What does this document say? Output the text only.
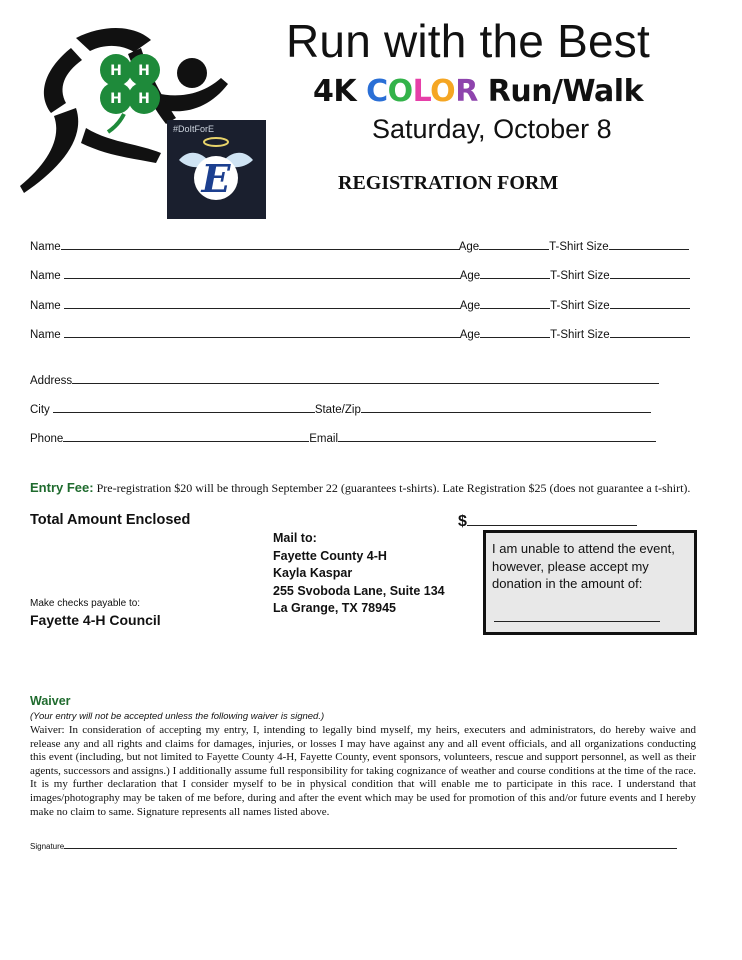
H H
H H
#DoItForE
E
Run with the Best
4K COLOR Run/Walk
Saturday, October 8
REGISTRATION FORM
Name	Age	T-Shirt Size
Name	Age	T-Shirt Size
Name	Age	T-Shirt Size
Name	Age	T-Shirt Size
Address
City	State/Zip
Phone	Email
Entry Fee: Pre-registration $20 will be through September 22 (guarantees t-shirts). Late Registration $25 (does not guarantee a t-shirt).
Total Amount Enclosed	$
Mail to:
Fayette County 4-H
Kayla Kaspar
255 Svoboda Lane, Suite 134
La Grange, TX 78945
I am unable to attend the event, however, please accept my donation in the amount of:
Make checks payable to:
Fayette 4-H Council
Waiver
(Your entry will not be accepted unless the following waiver is signed.)
Waiver: In consideration of accepting my entry, I, intending to legally bind myself, my heirs, executers and administrators, do hereby waive and release any and all rights and claims for damages, injuries, or losses I may have against any and all event officials, and all organizations conducting this event (including, but not limited to Fayette County 4-H, Fayette County, event sponsors, volunteers, rescue and support personnel, as well as their agents, successors and assigns.) I additionally assume full responsibility for taking cognizance of weather and course conditions at the time of the race. It is my further declaration that I consider myself to be in physical condition that will enable me to participate in this race. I understand that images/photography may be taken of me before, during and after the event which may be used for promotion of this and/or future events and I hereby make no claim to same. Signature represents all names listed above.
Signature
